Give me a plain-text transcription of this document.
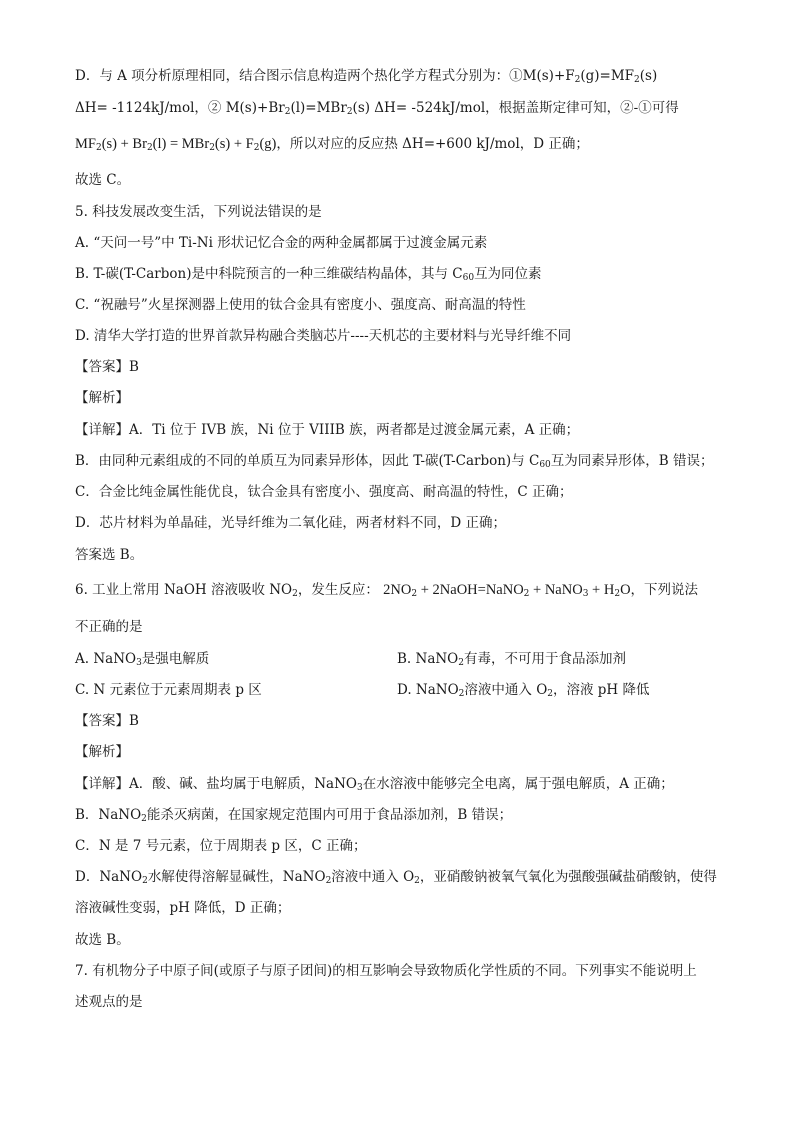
D．与 A 项分析原理相同，结合图示信息构造两个热化学方程式分别为：$①M(s)+F_2(g)=MF_2(s)$
ΔH= -1124kJ/mol，② $M(s)+Br_2(l)=MBr_2(s)$ ΔH= -524kJ/mol，根据盖斯定律可知，②-①可得
$MF_2(s) + Br_2(l) = MBr_2(s) + F_2(g)$，所以对应的反应热 ΔH=+600 kJ/mol，D 正确；
故选 C。
5. 科技发展改变生活，下列说法错误的是
A. “天问一号”中 Ti-Ni 形状记忆合金的两种金属都属于过渡金属元素
B. T-碳(T-Carbon)是中科院预言的一种三维碳结构晶体，其与 $C_{60}$互为同位素
C. “祝融号”火星探测器上使用的钛合金具有密度小、强度高、耐高温的特性
D. 清华大学打造的世界首款异构融合类脑芯片----天机芯的主要材料与光导纤维不同
【答案】B
【解析】
【详解】A．Ti 位于 IVB 族，Ni 位于 VIIIB 族，两者都是过渡金属元素，A 正确；
B．由同种元素组成的不同的单质互为同素异形体，因此 T-碳(T-Carbon)与 $C_{60}$互为同素异形体，B 错误；
C．合金比纯金属性能优良，钛合金具有密度小、强度高、耐高温的特性，C 正确；
D．芯片材料为单晶硅，光导纤维为二氧化硅，两者材料不同，D 正确；
答案选 B。
6. 工业上常用 NaOH 溶液吸收 $NO_2$，发生反应： $2NO_2$ + 2NaOH=NaNO$_2$ + NaNO$_3$ + $H_2O$，下列说法
不正确的是
A. NaNO$_3$是强电解质	B. NaNO$_2$有毒，不可用于食品添加剂
C. N 元素位于元素周期表 p 区	D. NaNO$_2$溶液中通入 $O_2$，溶液 pH 降低
【答案】B
【解析】
【详解】A．酸、碱、盐均属于电解质，NaNO$_3$在水溶液中能够完全电离，属于强电解质，A 正确；
B．NaNO$_2$能杀灭病菌，在国家规定范围内可用于食品添加剂，B 错误；
C．N 是 7 号元素，位于周期表 p 区，C 正确；
D．NaNO$_2$水解使得溶解显碱性，NaNO$_2$溶液中通入 $O_2$，亚硝酸钠被氧气氧化为强酸强碱盐硝酸钠，使得
溶液碱性变弱，pH 降低，D 正确；
故选 B。
7. 有机物分子中原子间(或原子与原子团间)的相互影响会导致物质化学性质的不同。下列事实不能说明上
述观点的是
